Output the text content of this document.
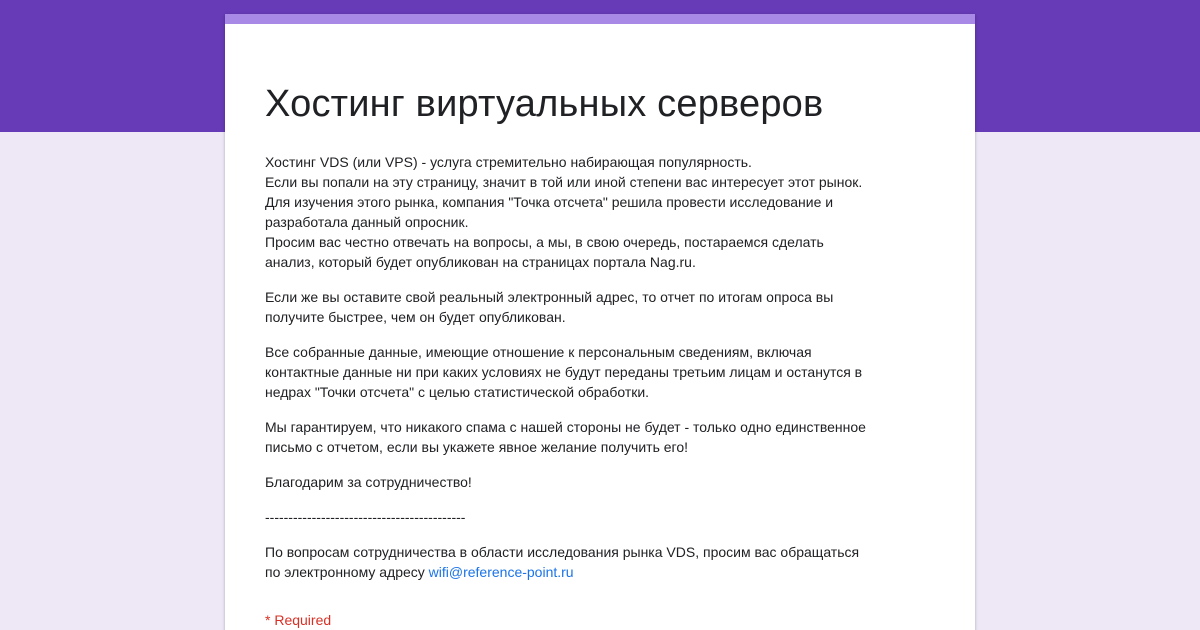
Хостинг виртуальных серверов

Хостинг VDS (или VPS) - услуга стремительно набирающая популярность.
Если вы попали на эту страницу, значит в той или иной степени вас интересует этот рынок.
Для изучения этого рынка, компания "Точка отсчета" решила провести исследование и
разработала данный опросник.
Просим вас честно отвечать на вопросы, а мы, в свою очередь, постараемся сделать
анализ, который будет опубликован на страницах портала Nag.ru.

Если же вы оставите свой реальный электронный адрес, то отчет по итогам опроса вы
получите быстрее, чем он будет опубликован.

Все собранные данные, имеющие отношение к персональным сведениям, включая
контактные данные ни при каких условиях не будут переданы третьим лицам и останутся в
недрах "Точки отсчета" с целью статистической обработки.

Мы гарантируем, что никакого спама с нашей стороны не будет - только одно единственное
письмо с отчетом, если вы укажете явное желание получить его!

Благодарим за сотрудничество!

-------------------------------------------

По вопросам сотрудничества в области исследования рынка VDS, просим вас обращаться
по электронному адресу wifi@reference-point.ru

* Required
